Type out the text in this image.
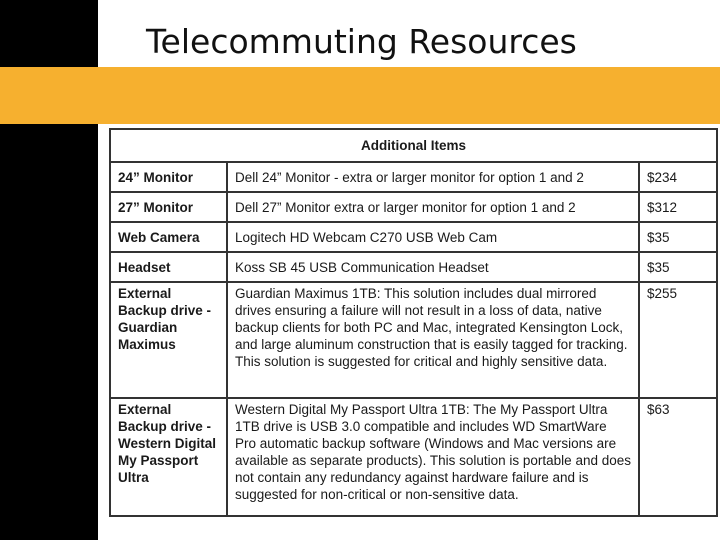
Telecommuting Resources
Additional Items		
24” Monitor	Dell 24” Monitor - extra or larger monitor for option 1 and 2	$234
27” Monitor	Dell 27” Monitor extra or larger monitor for option 1 and 2	$312
Web Camera	Logitech HD Webcam C270 USB Web Cam	$35
Headset	Koss SB 45 USB Communication Headset	$35
External Backup drive - Guardian Maximus	Guardian Maximus 1TB: This solution includes dual mirrored drives ensuring a failure will not result in a loss of data, native backup clients for both PC and Mac, integrated Kensington Lock, and large aluminum construction that is easily tagged for tracking. This solution is suggested for critical and highly sensitive data.	$255
External Backup drive - Western Digital My Passport Ultra	Western Digital My Passport Ultra 1TB: The My Passport Ultra 1TB drive is USB 3.0 compatible and includes WD SmartWare Pro automatic backup software (Windows and Mac versions are available as separate products). This solution is portable and does not contain any redundancy against hardware failure and is suggested for non-critical or non-sensitive data.	$63
